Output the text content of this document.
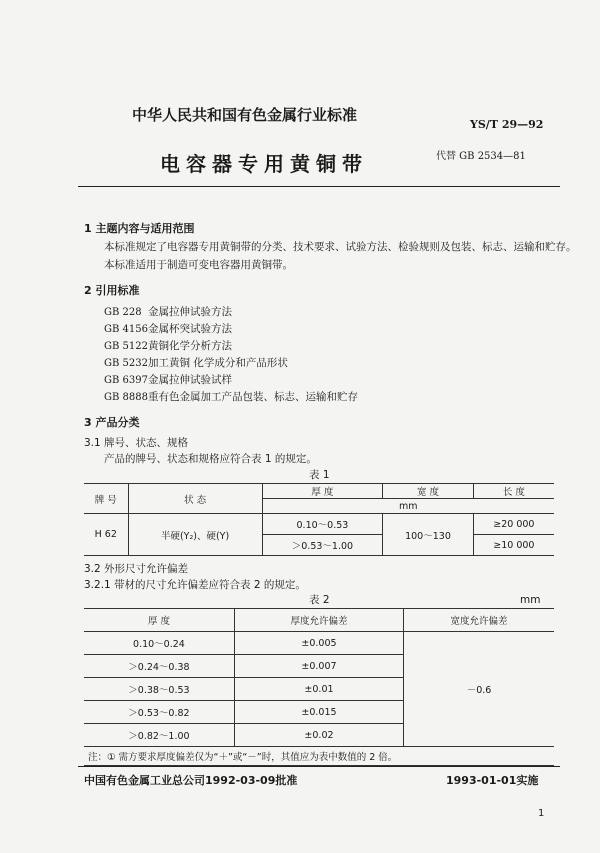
中华人民共和国有色金属行业标准
YS/T 29—92
电容器专用黄铜带	代替 GB 2534—81
1 主题内容与适用范围
本标准规定了电容器专用黄铜带的分类、技术要求、试验方法、检验规则及包装、标志、运输和贮存。
本标准适用于制造可变电容器用黄铜带。
2 引用标准
GB 228 金属拉伸试验方法
GB 4156金属杯突试验方法
GB 5122黄铜化学分析方法
GB 5232加工黄铜 化学成分和产品形状
GB 6397金属拉伸试验试样
GB 8888重有色金属加工产品包装、标志、运输和贮存
3 产品分类
3.1 牌号、状态、规格
产品的牌号、状态和规格应符合表 1 的规定。
表 1
牌 号	状 态	厚 度	宽 度	长 度
		mm		
H 62	半硬(Y₂)、硬(Y)	0.10～0.53	100～130	≥20 000
		＞0.53～1.00		≥10 000
3.2 外形尺寸允许偏差
3.2.1 带材的尺寸允许偏差应符合表 2 的规定。
表 2	mm
厚 度	厚度允许偏差	宽度允许偏差
0.10～0.24	±0.005	－0.6
＞0.24～0.38	±0.007	
＞0.38～0.53	±0.01	
＞0.53～0.82	±0.015	
＞0.82～1.00	±0.02	
注：① 需方要求厚度偏差仅为“＋”或“－”时，其值应为表中数值的 2 倍。		
中国有色金属工业总公司1992-03-09批准	1993-01-01实施
1
